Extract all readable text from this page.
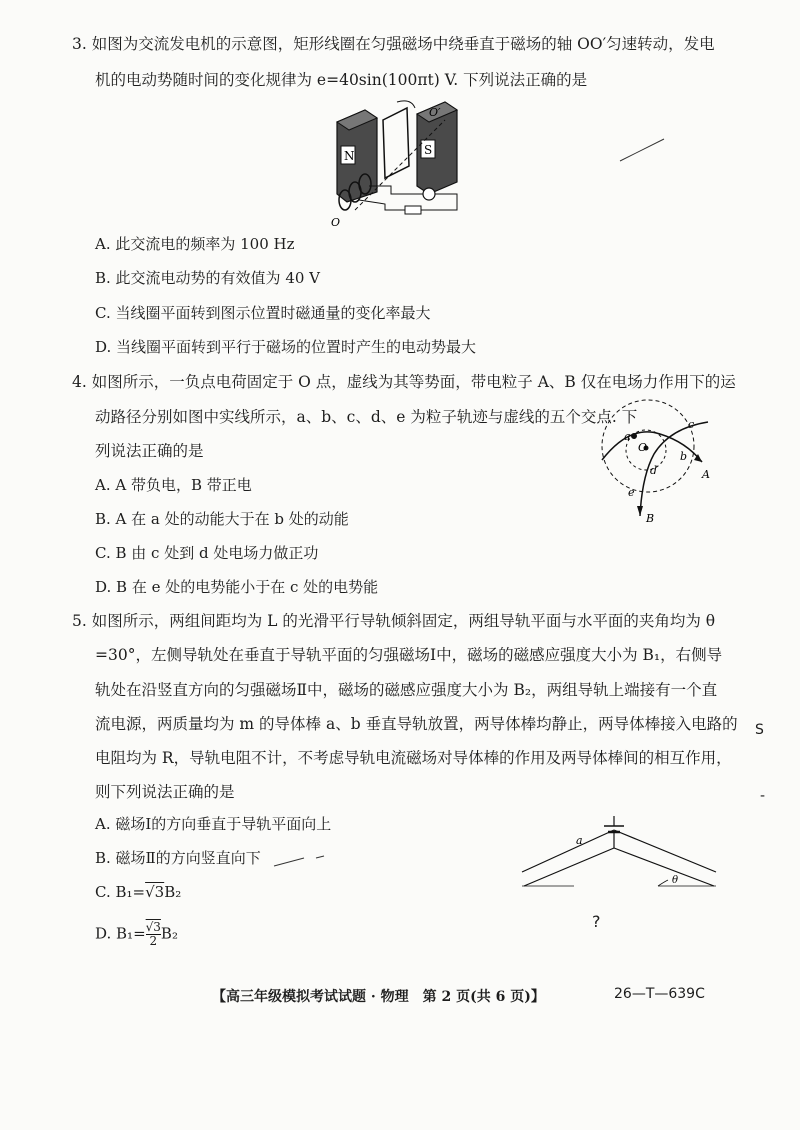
3. 如图为交流发电机的示意图，矩形线圈在匀强磁场中绕垂直于磁场的轴 OO′匀速转动，发电
机的电动势随时间的变化规律为 e=40sin(100πt) V. 下列说法正确的是
N	S
O′
O
A. 此交流电的频率为 100 Hz
B. 此交流电动势的有效值为 40 V
C. 当线圈平面转到图示位置时磁通量的变化率最大
D. 当线圈平面转到平行于磁场的位置时产生的电动势最大
4. 如图所示，一负点电荷固定于 O 点，虚线为其等势面，带电粒子 A、B 仅在电场力作用下的运
动路径分别如图中实线所示，a、b、c、d、e 为粒子轨迹与虚线的五个交点. 下
列说法正确的是	O
A
B
a
b
c
d
e
A. A 带负电，B 带正电
B. A 在 a 处的动能大于在 b 处的动能
C. B 由 c 处到 d 处电场力做正功
D. B 在 e 处的电势能小于在 c 处的电势能
5. 如图所示，两组间距均为 L 的光滑平行导轨倾斜固定，两组导轨平面与水平面的夹角均为 θ
=30°，左侧导轨处在垂直于导轨平面的匀强磁场Ⅰ中，磁场的磁感应强度大小为 B₁，右侧导
轨处在沿竖直方向的匀强磁场Ⅱ中，磁场的磁感应强度大小为 B₂，两组导轨上端接有一个直
流电源，两质量均为 m 的导体棒 a、b 垂直导轨放置，两导体棒均静止，两导体棒接入电路的
电阻均为 R，导轨电阻不计，不考虑导轨电流磁场对导体棒的作用及两导体棒间的相互作用，
则下列说法正确的是
A. 磁场Ⅰ的方向垂直于导轨平面向上
B. 磁场Ⅱ的方向竖直向下
C. B₁=√3B₂
D. $B_1= \frac{√3}{2} B_2$
a
θ
S
-
?
【高三年级模拟考试试题 · 物理　第 2 页(共 6 页)】	26—T—639C
